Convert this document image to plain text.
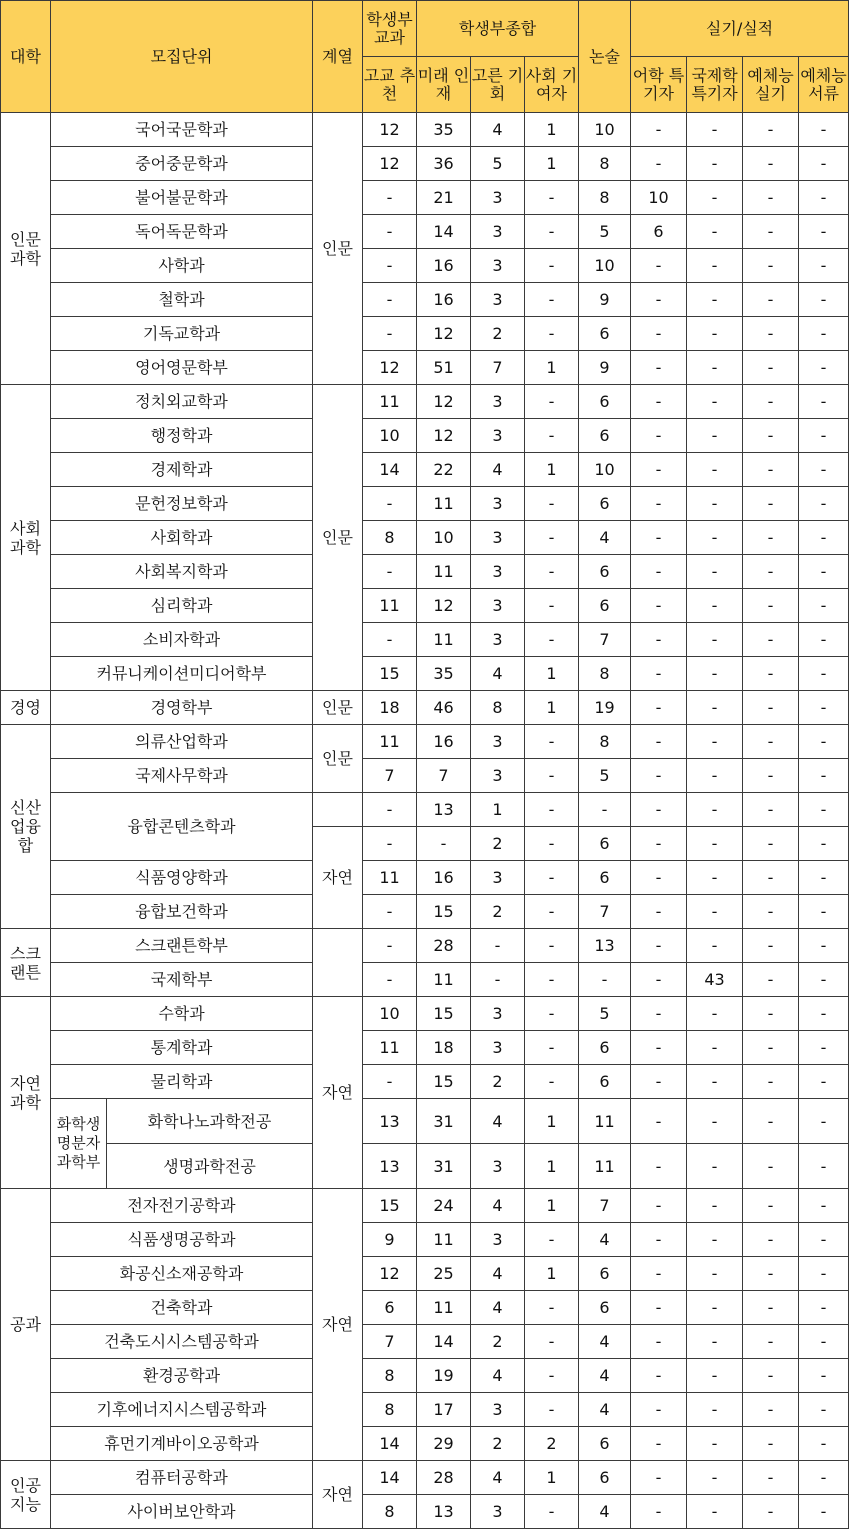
대학	모집단위		계열	학생부 교과	학생부종합			논술	실기/실적			
				고교 추천	미래 인재	고른 기회	사회 기여자		어학 특기자	국제학 특기자	예체능 실기	예체능 서류
인문 과학	국어국문학과		인문	12	35	4	1	10	-	-	-	-
	중어중문학과			12	36	5	1	8	-	-	-	-
	불어불문학과			-	21	3	-	8	10	-	-	-
	독어독문학과			-	14	3	-	5	6	-	-	-
	사학과			-	16	3	-	10	-	-	-	-
	철학과			-	16	3	-	9	-	-	-	-
	기독교학과			-	12	2	-	6	-	-	-	-
	영어영문학부			12	51	7	1	9	-	-	-	-
사회 과학	정치외교학과		인문	11	12	3	-	6	-	-	-	-
	행정학과			10	12	3	-	6	-	-	-	-
	경제학과			14	22	4	1	10	-	-	-	-
	문헌정보학과			-	11	3	-	6	-	-	-	-
	사회학과			8	10	3	-	4	-	-	-	-
	사회복지학과			-	11	3	-	6	-	-	-	-
	심리학과			11	12	3	-	6	-	-	-	-
	소비자학과			-	11	3	-	7	-	-	-	-
	커뮤니케이션미디어학부			15	35	4	1	8	-	-	-	-
경영	경영학부		인문	18	46	8	1	19	-	-	-	-
신산 업융 합	의류산업학과		인문	11	16	3	-	8	-	-	-	-
	국제사무학과			7	7	3	-	5	-	-	-	-
	융합콘텐츠학과			-	13	1	-	-	-	-	-	-
			자연	-	-	2	-	6	-	-	-	-
	식품영양학과			11	16	3	-	6	-	-	-	-
	융합보건학과			-	15	2	-	7	-	-	-	-
스크 랜튼	스크랜튼학부			-	28	-	-	13	-	-	-	-
	국제학부			-	11	-	-	-	-	43	-	-
자연 과학	수학과		자연	10	15	3	-	5	-	-	-	-
	통계학과			11	18	3	-	6	-	-	-	-
	물리학과			-	15	2	-	6	-	-	-	-
	화학생 명분자 과학부	화학나노과학전공		13	31	4	1	11	-	-	-	-
		생명과학전공		13	31	3	1	11	-	-	-	-
공과	전자전기공학과		자연	15	24	4	1	7	-	-	-	-
	식품생명공학과			9	11	3	-	4	-	-	-	-
	화공신소재공학과			12	25	4	1	6	-	-	-	-
	건축학과			6	11	4	-	6	-	-	-	-
	건축도시시스템공학과			7	14	2	-	4	-	-	-	-
	환경공학과			8	19	4	-	4	-	-	-	-
	기후에너지시스템공학과			8	17	3	-	4	-	-	-	-
	휴먼기계바이오공학과			14	29	2	2	6	-	-	-	-
인공 지능	컴퓨터공학과		자연	14	28	4	1	6	-	-	-	-
	사이버보안학과			8	13	3	-	4	-	-	-	-
